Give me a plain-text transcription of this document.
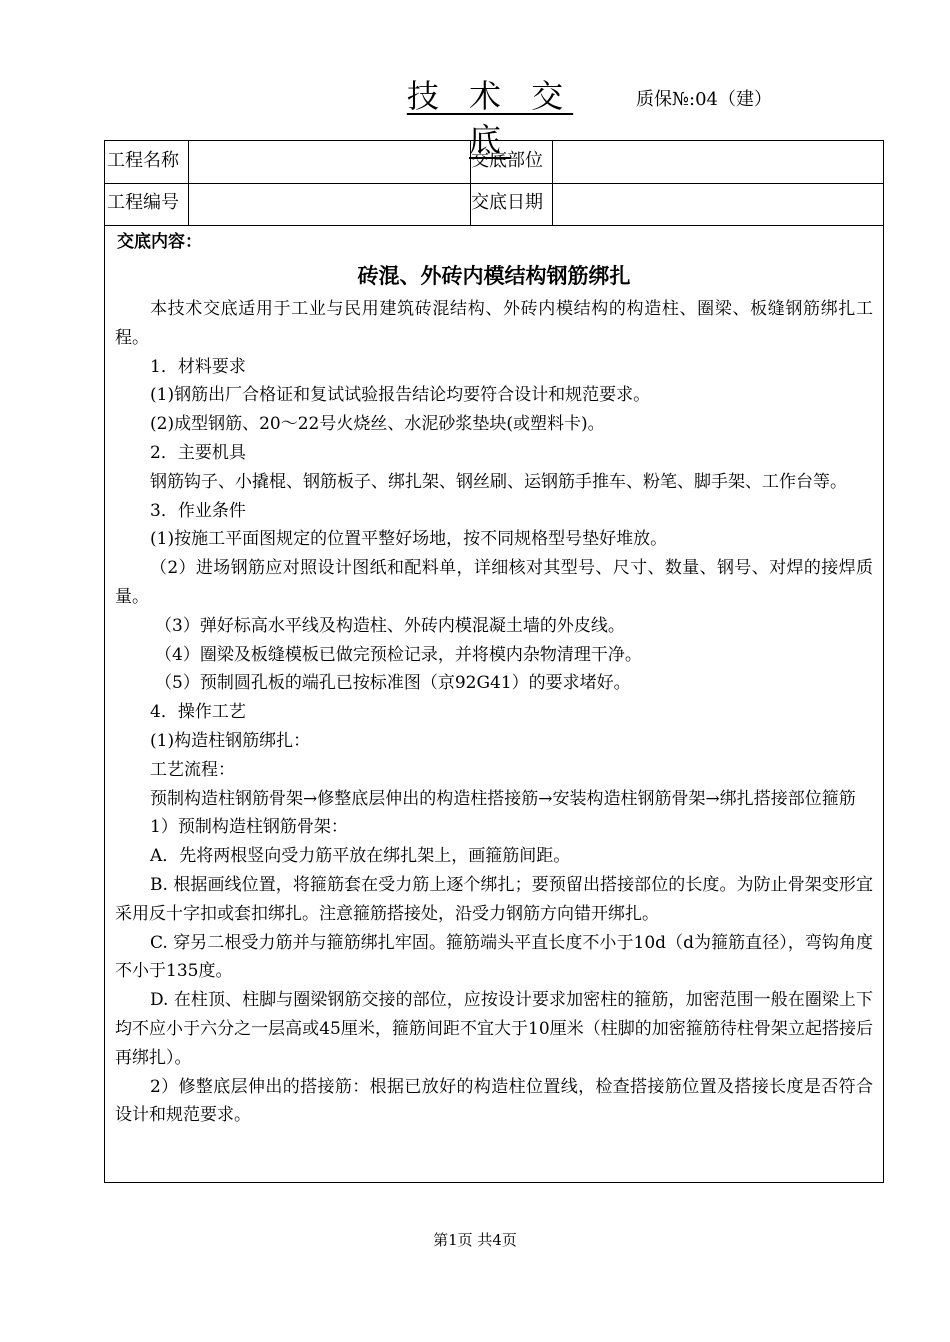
技 术 交 底
质保№:04（建）
工程名称	交底部位
工程编号	交底日期
交底内容：
砖混、外砖内模结构钢筋绑扎

本技术交底适用于工业与民用建筑砖混结构、外砖内模结构的构造柱、圈梁、板缝钢筋绑扎工程。

1．材料要求

(1)钢筋出厂合格证和复试试验报告结论均要符合设计和规范要求。

(2)成型钢筋、20～22号火烧丝、水泥砂浆垫块(或塑料卡)。

2．主要机具

钢筋钩子、小撬棍、钢筋板子、绑扎架、钢丝刷、运钢筋手推车、粉笔、脚手架、工作台等。

3．作业条件

(1)按施工平面图规定的位置平整好场地，按不同规格型号垫好堆放。

（2）进场钢筋应对照设计图纸和配料单，详细核对其型号、尺寸、数量、钢号、对焊的接焊质量。

（3）弹好标高水平线及构造柱、外砖内模混凝土墙的外皮线。

（4）圈梁及板缝模板已做完预检记录，并将模内杂物清理干净。

（5）预制圆孔板的端孔已按标准图（京92G41）的要求堵好。

4．操作工艺

(1)构造柱钢筋绑扎：

工艺流程：

预制构造柱钢筋骨架→修整底层伸出的构造柱搭接筋→安装构造柱钢筋骨架→绑扎搭接部位箍筋

1）预制构造柱钢筋骨架：

A．先将两根竖向受力筋平放在绑扎架上，画箍筋间距。

B. 根据画线位置，将箍筋套在受力筋上逐个绑扎；要预留出搭接部位的长度。为防止骨架变形宜采用反十字扣或套扣绑扎。注意箍筋搭接处，沿受力钢筋方向错开绑扎。

C. 穿另二根受力筋并与箍筋绑扎牢固。箍筋端头平直长度不小于10d（d为箍筋直径），弯钩角度不小于135度。

D. 在柱顶、柱脚与圈梁钢筋交接的部位，应按设计要求加密柱的箍筋，加密范围一般在圈梁上下均不应小于六分之一层高或45厘米，箍筋间距不宜大于10厘米（柱脚的加密箍筋待柱骨架立起搭接后再绑扎）。

2）修整底层伸出的搭接筋：根据已放好的构造柱位置线，检查搭接筋位置及搭接长度是否符合设计和规范要求。

第1页 共4页
